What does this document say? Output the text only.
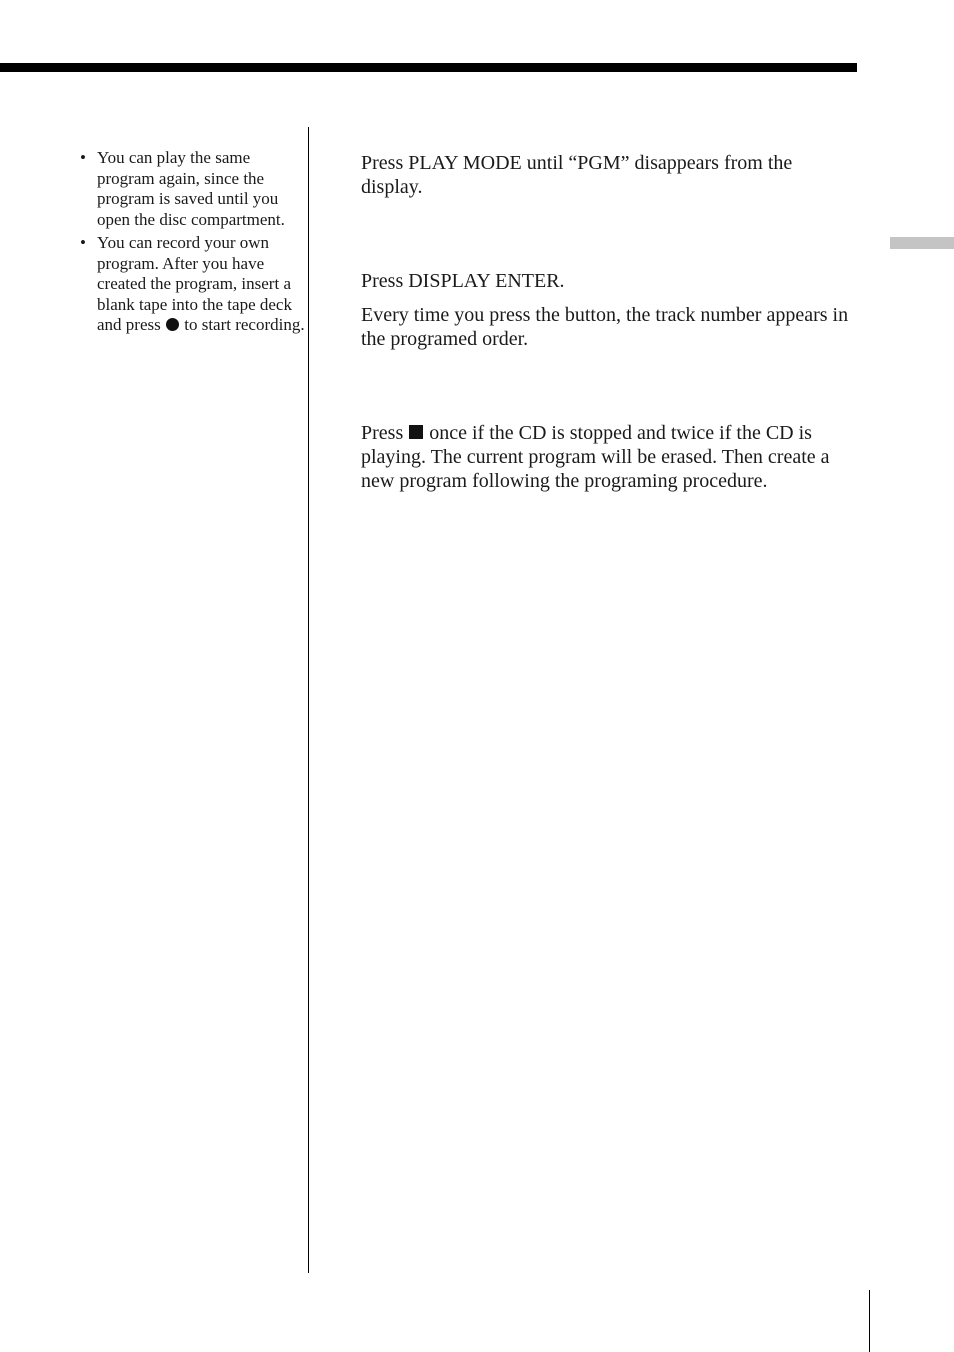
• You can play the same program again, since the program is saved until you open the disc compartment.
• You can record your own program. After you have created the program, insert a blank tape into the tape deck and press to start recording.

Press PLAY MODE until “PGM” disappears from the display.

Press DISPLAY ENTER.

Every time you press the button, the track number appears in the programed order.

Press once if the CD is stopped and twice if the CD is playing. The current program will be erased. Then create a new program following the programing procedure.
